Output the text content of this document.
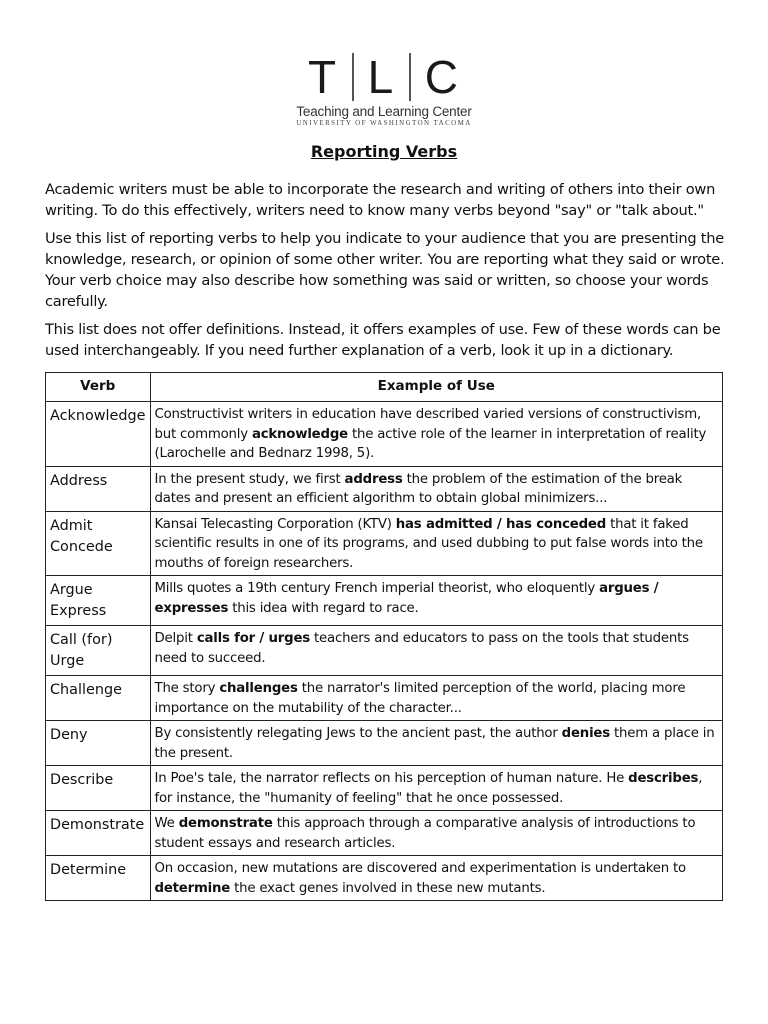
T L C
Teaching and Learning Center
UNIVERSITY OF WASHINGTON TACOMA
Reporting Verbs

Academic writers must be able to incorporate the research and writing of others into their own writing. To do this effectively, writers need to know many verbs beyond "say" or "talk about."

Use this list of reporting verbs to help you indicate to your audience that you are presenting the knowledge, research, or opinion of some other writer. You are reporting what they said or wrote. Your verb choice may also describe how something was said or written, so choose your words carefully.

This list does not offer definitions. Instead, it offers examples of use. Few of these words can be used interchangeably. If you need further explanation of a verb, look it up in a dictionary.

Verb	Example of Use

Acknowledge	Constructivist writers in education have described varied versions of constructivism, but commonly acknowledge the active role of the learner in interpretation of reality (Larochelle and Bednarz 1998, 5).

Address	In the present study, we first address the problem of the estimation of the break dates and present an efficient algorithm to obtain global minimizers...

Admit
Concede	Kansai Telecasting Corporation (KTV) has admitted / has conceded that it faked scientific results in one of its programs, and used dubbing to put false words into the mouths of foreign researchers.

Argue
Express	Mills quotes a 19th century French imperial theorist, who eloquently argues / expresses this idea with regard to race.

Call (for)
Urge	Delpit calls for / urges teachers and educators to pass on the tools that students need to succeed.

Challenge	The story challenges the narrator's limited perception of the world, placing more importance on the mutability of the character...

Deny	By consistently relegating Jews to the ancient past, the author denies them a place in the present.

Describe	In Poe's tale, the narrator reflects on his perception of human nature. He describes, for instance, the "humanity of feeling" that he once possessed.

Demonstrate	We demonstrate this approach through a comparative analysis of introductions to student essays and research articles.

Determine	On occasion, new mutations are discovered and experimentation is undertaken to determine the exact genes involved in these new mutants.
